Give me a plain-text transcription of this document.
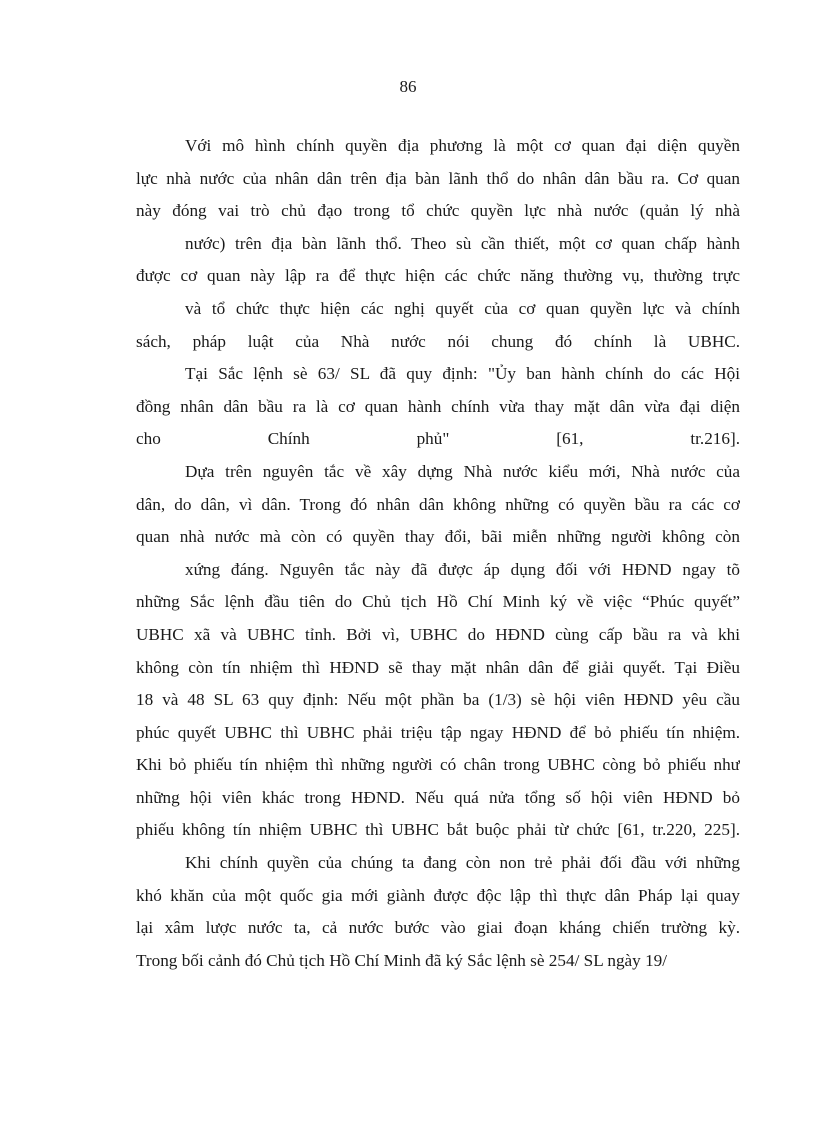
86
Với mô hình chính quyền địa phương là một cơ quan đại diện quyền
lực nhà nước của nhân dân trên địa bàn lãnh thổ do nhân dân bầu ra. Cơ quan
này đóng vai trò chủ đạo trong tổ chức quyền lực nhà nước (quản lý nhà
nước) trên địa bàn lãnh thổ. Theo sù cần thiết, một cơ quan chấp hành
được cơ quan này lập ra để thực hiện các chức năng thường vụ, thường trực
và tổ chức thực hiện các nghị quyết của cơ quan quyền lực và chính
sách, pháp luật của Nhà nước nói chung đó chính là UBHC.
Tại Sắc lệnh sè 63/ SL đã quy định: "Ủy ban hành chính do các Hội
đồng nhân dân bầu ra là cơ quan hành chính vừa thay mặt dân vừa đại diện
cho Chính phủ" [61, tr.216].
Dựa trên nguyên tắc về xây dựng Nhà nước kiểu mới, Nhà nước của
dân, do dân, vì dân. Trong đó nhân dân không những có quyền bầu ra các cơ
quan nhà nước mà còn có quyền thay đổi, bãi miễn những người không còn
xứng đáng. Nguyên tắc này đã được áp dụng đối với HĐND ngay tõ
những Sắc lệnh đầu tiên do Chủ tịch Hồ Chí Minh ký về việc “Phúc quyết”
UBHC xã và UBHC tỉnh. Bởi vì, UBHC do HĐND cùng cấp bầu ra và khi
không còn tín nhiệm thì HĐND sẽ thay mặt nhân dân để giải quyết. Tại Điều
18 và 48 SL 63 quy định: Nếu một phần ba (1/3) sè hội viên HĐND yêu cầu
phúc quyết UBHC thì UBHC phải triệu tập ngay HĐND để bỏ phiếu tín nhiệm.
Khi bỏ phiếu tín nhiệm thì những người có chân trong UBHC còng bỏ phiếu như
những hội viên khác trong HĐND. Nếu quá nửa tổng số hội viên HĐND bỏ
phiếu không tín nhiệm UBHC thì UBHC bắt buộc phải từ chức [61, tr.220, 225].
Khi chính quyền của chúng ta đang còn non trẻ phải đối đầu với những
khó khăn của một quốc gia mới giành được độc lập thì thực dân Pháp lại quay
lại xâm lược nước ta, cả nước bước vào giai đoạn kháng chiến trường kỳ.
Trong bối cảnh đó Chủ tịch Hồ Chí Minh đã ký Sắc lệnh sè 254/ SL ngày 19/
